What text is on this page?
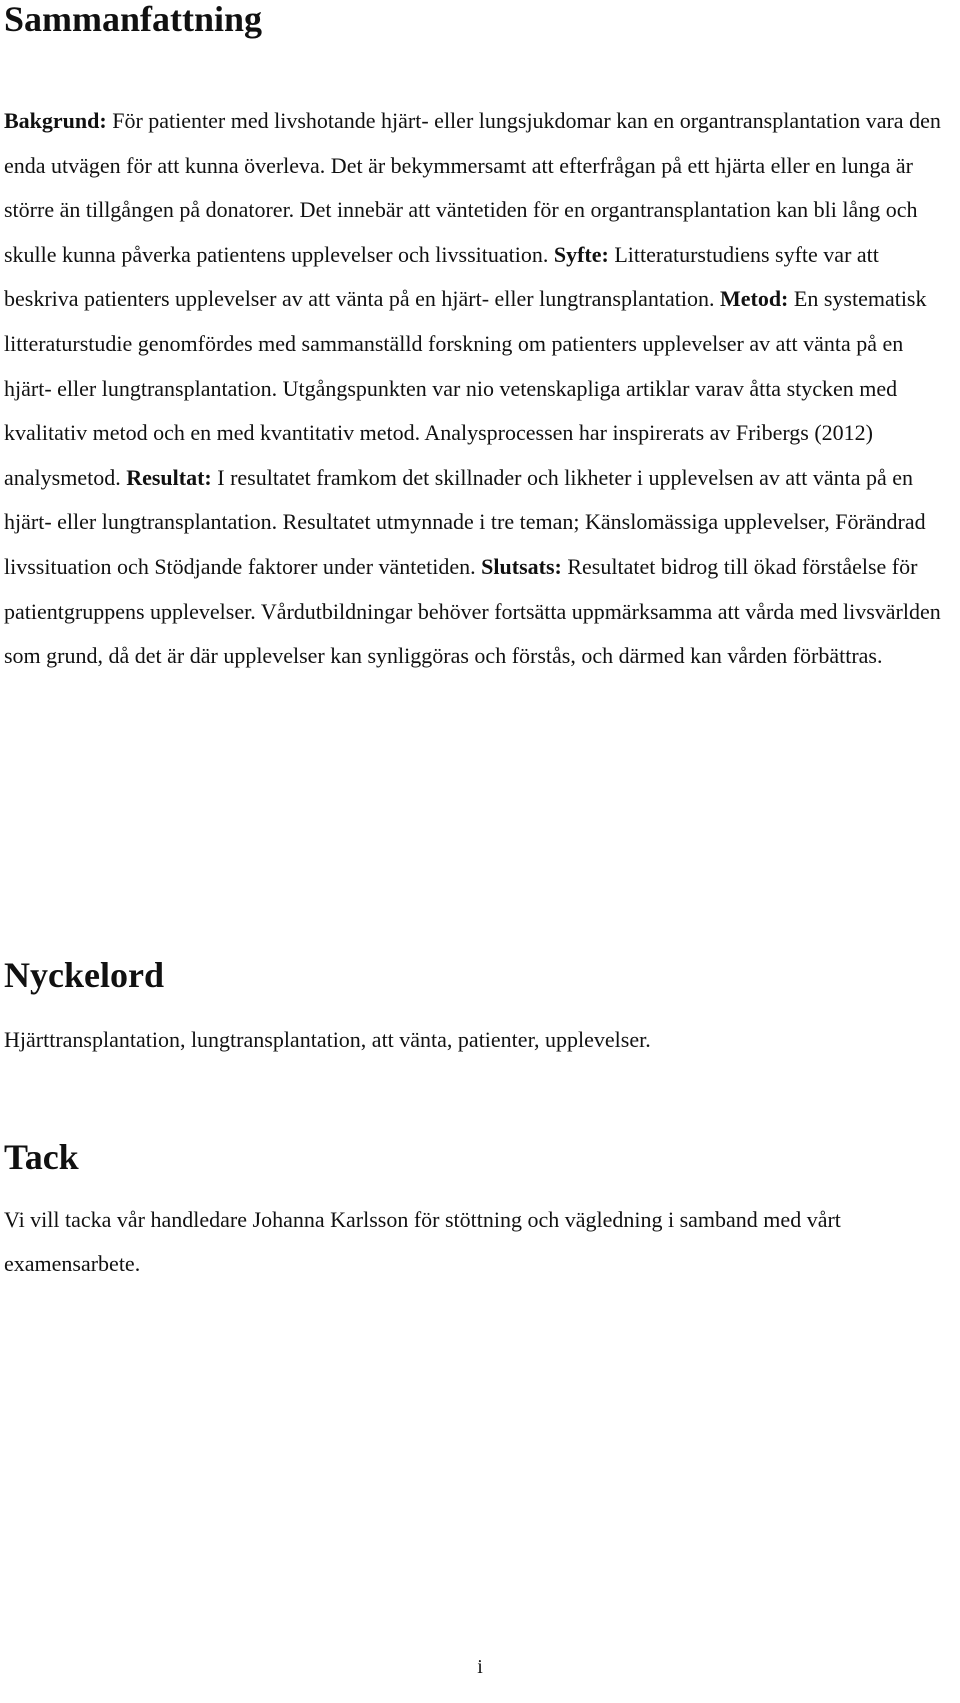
Sammanfattning

Bakgrund: För patienter med livshotande hjärt- eller lungsjukdomar kan en organtransplantation vara den enda utvägen för att kunna överleva. Det är bekymmersamt att efterfrågan på ett hjärta eller en lunga är större än tillgången på donatorer. Det innebär att väntetiden för en organtransplantation kan bli lång och skulle kunna påverka patientens upplevelser och livssituation. Syfte: Litteraturstudiens syfte var att beskriva patienters upplevelser av att vänta på en hjärt- eller lungtransplantation. Metod: En systematisk litteraturstudie genomfördes med sammanställd forskning om patienters upplevelser av att vänta på en hjärt- eller lungtransplantation. Utgångspunkten var nio vetenskapliga artiklar varav åtta stycken med kvalitativ metod och en med kvantitativ metod. Analysprocessen har inspirerats av Fribergs (2012) analysmetod. Resultat: I resultatet framkom det skillnader och likheter i upplevelsen av att vänta på en hjärt- eller lungtransplantation. Resultatet utmynnade i tre teman; Känslomässiga upplevelser, Förändrad livssituation och Stödjande faktorer under väntetiden. Slutsats: Resultatet bidrog till ökad förståelse för patientgruppens upplevelser. Vårdutbildningar behöver fortsätta uppmärksamma att vårda med livsvärlden som grund, då det är där upplevelser kan synliggöras och förstås, och därmed kan vården förbättras.

Nyckelord

Hjärttransplantation, lungtransplantation, att vänta, patienter, upplevelser.

Tack

Vi vill tacka vår handledare Johanna Karlsson för stöttning och vägledning i samband med vårt examensarbete.

i
